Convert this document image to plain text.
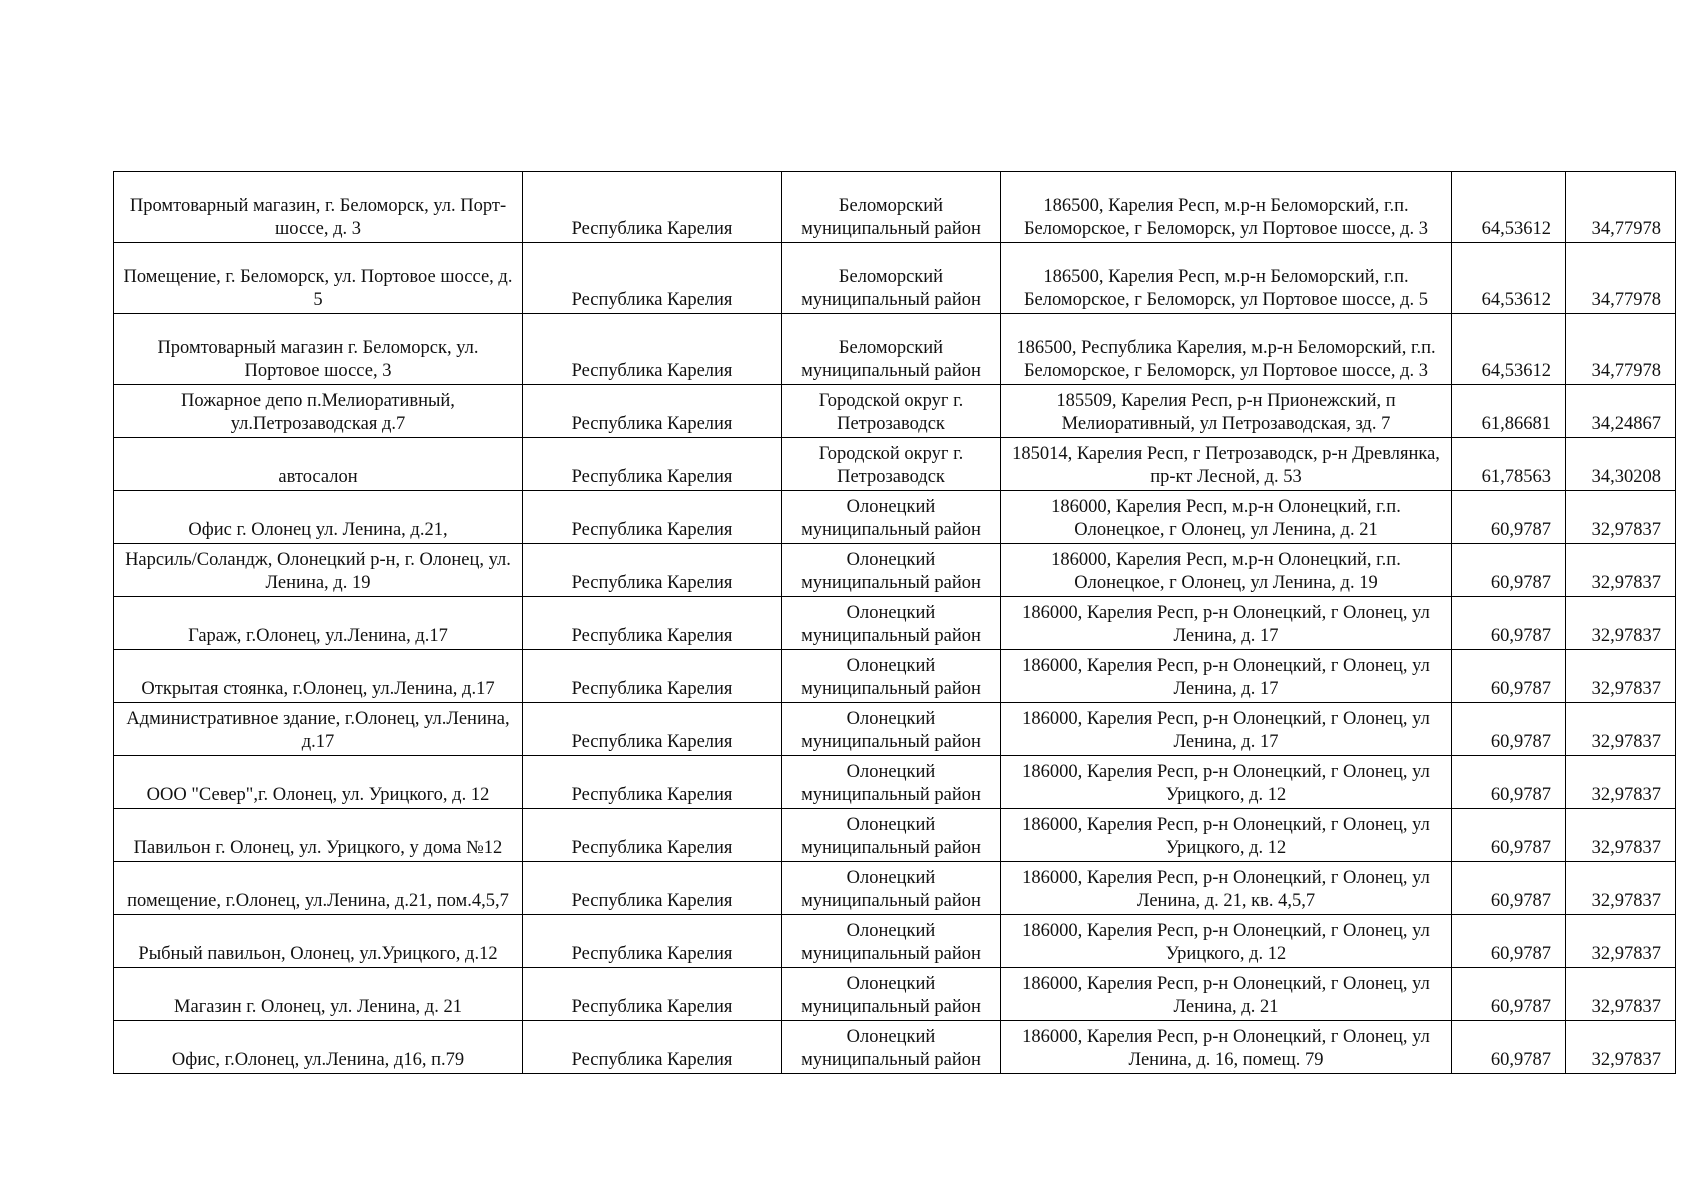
Промтоварный магазин, г. Беломорск, ул. Порт-шоссе, д. 3	Республика Карелия	Беломорский муниципальный район	186500, Карелия Респ, м.р-н Беломорский, г.п. Беломорское, г Беломорск, ул Портовое шоссе, д. 3	64,53612	34,77978
Помещение, г. Беломорск, ул. Портовое шоссе, д. 5	Республика Карелия	Беломорский муниципальный район	186500, Карелия Респ, м.р-н Беломорский, г.п. Беломорское, г Беломорск, ул Портовое шоссе, д. 5	64,53612	34,77978
Промтоварный магазин г. Беломорск, ул. Портовое шоссе, 3	Республика Карелия	Беломорский муниципальный район	186500, Республика Карелия, м.р-н Беломорский, г.п. Беломорское, г Беломорск, ул Портовое шоссе, д. 3	64,53612	34,77978
Пожарное депо п.Мелиоративный, ул.Петрозаводская д.7	Республика Карелия	Городской округ г. Петрозаводск	185509, Карелия Респ, р-н Прионежский, п Мелиоративный, ул Петрозаводская, зд. 7	61,86681	34,24867
автосалон	Республика Карелия	Городской округ г. Петрозаводск	185014, Карелия Респ, г Петрозаводск, р-н Древлянка, пр-кт Лесной, д. 53	61,78563	34,30208
Офис г. Олонец ул. Ленина, д.21,	Республика Карелия	Олонецкий муниципальный район	186000, Карелия Респ, м.р-н Олонецкий, г.п. Олонецкое, г Олонец, ул Ленина, д. 21	60,9787	32,97837
Нарсиль/Соландж, Олонецкий р-н, г. Олонец, ул. Ленина, д. 19	Республика Карелия	Олонецкий муниципальный район	186000, Карелия Респ, м.р-н Олонецкий, г.п. Олонецкое, г Олонец, ул Ленина, д. 19	60,9787	32,97837
Гараж, г.Олонец, ул.Ленина, д.17	Республика Карелия	Олонецкий муниципальный район	186000, Карелия Респ, р-н Олонецкий, г Олонец, ул Ленина, д. 17	60,9787	32,97837
Открытая стоянка, г.Олонец, ул.Ленина, д.17	Республика Карелия	Олонецкий муниципальный район	186000, Карелия Респ, р-н Олонецкий, г Олонец, ул Ленина, д. 17	60,9787	32,97837
Административное здание, г.Олонец, ул.Ленина, д.17	Республика Карелия	Олонецкий муниципальный район	186000, Карелия Респ, р-н Олонецкий, г Олонец, ул Ленина, д. 17	60,9787	32,97837
ООО "Север",г. Олонец, ул. Урицкого, д. 12	Республика Карелия	Олонецкий муниципальный район	186000, Карелия Респ, р-н Олонецкий, г Олонец, ул Урицкого, д. 12	60,9787	32,97837
Павильон г. Олонец, ул. Урицкого, у дома №12	Республика Карелия	Олонецкий муниципальный район	186000, Карелия Респ, р-н Олонецкий, г Олонец, ул Урицкого, д. 12	60,9787	32,97837
помещение, г.Олонец, ул.Ленина, д.21, пом.4,5,7	Республика Карелия	Олонецкий муниципальный район	186000, Карелия Респ, р-н Олонецкий, г Олонец, ул Ленина, д. 21, кв. 4,5,7	60,9787	32,97837
Рыбный павильон, Олонец, ул.Урицкого, д.12	Республика Карелия	Олонецкий муниципальный район	186000, Карелия Респ, р-н Олонецкий, г Олонец, ул Урицкого, д. 12	60,9787	32,97837
Магазин г. Олонец, ул. Ленина, д. 21	Республика Карелия	Олонецкий муниципальный район	186000, Карелия Респ, р-н Олонецкий, г Олонец, ул Ленина, д. 21	60,9787	32,97837
Офис, г.Олонец, ул.Ленина, д16, п.79	Республика Карелия	Олонецкий муниципальный район	186000, Карелия Респ, р-н Олонецкий, г Олонец, ул Ленина, д. 16, помещ. 79	60,9787	32,97837
